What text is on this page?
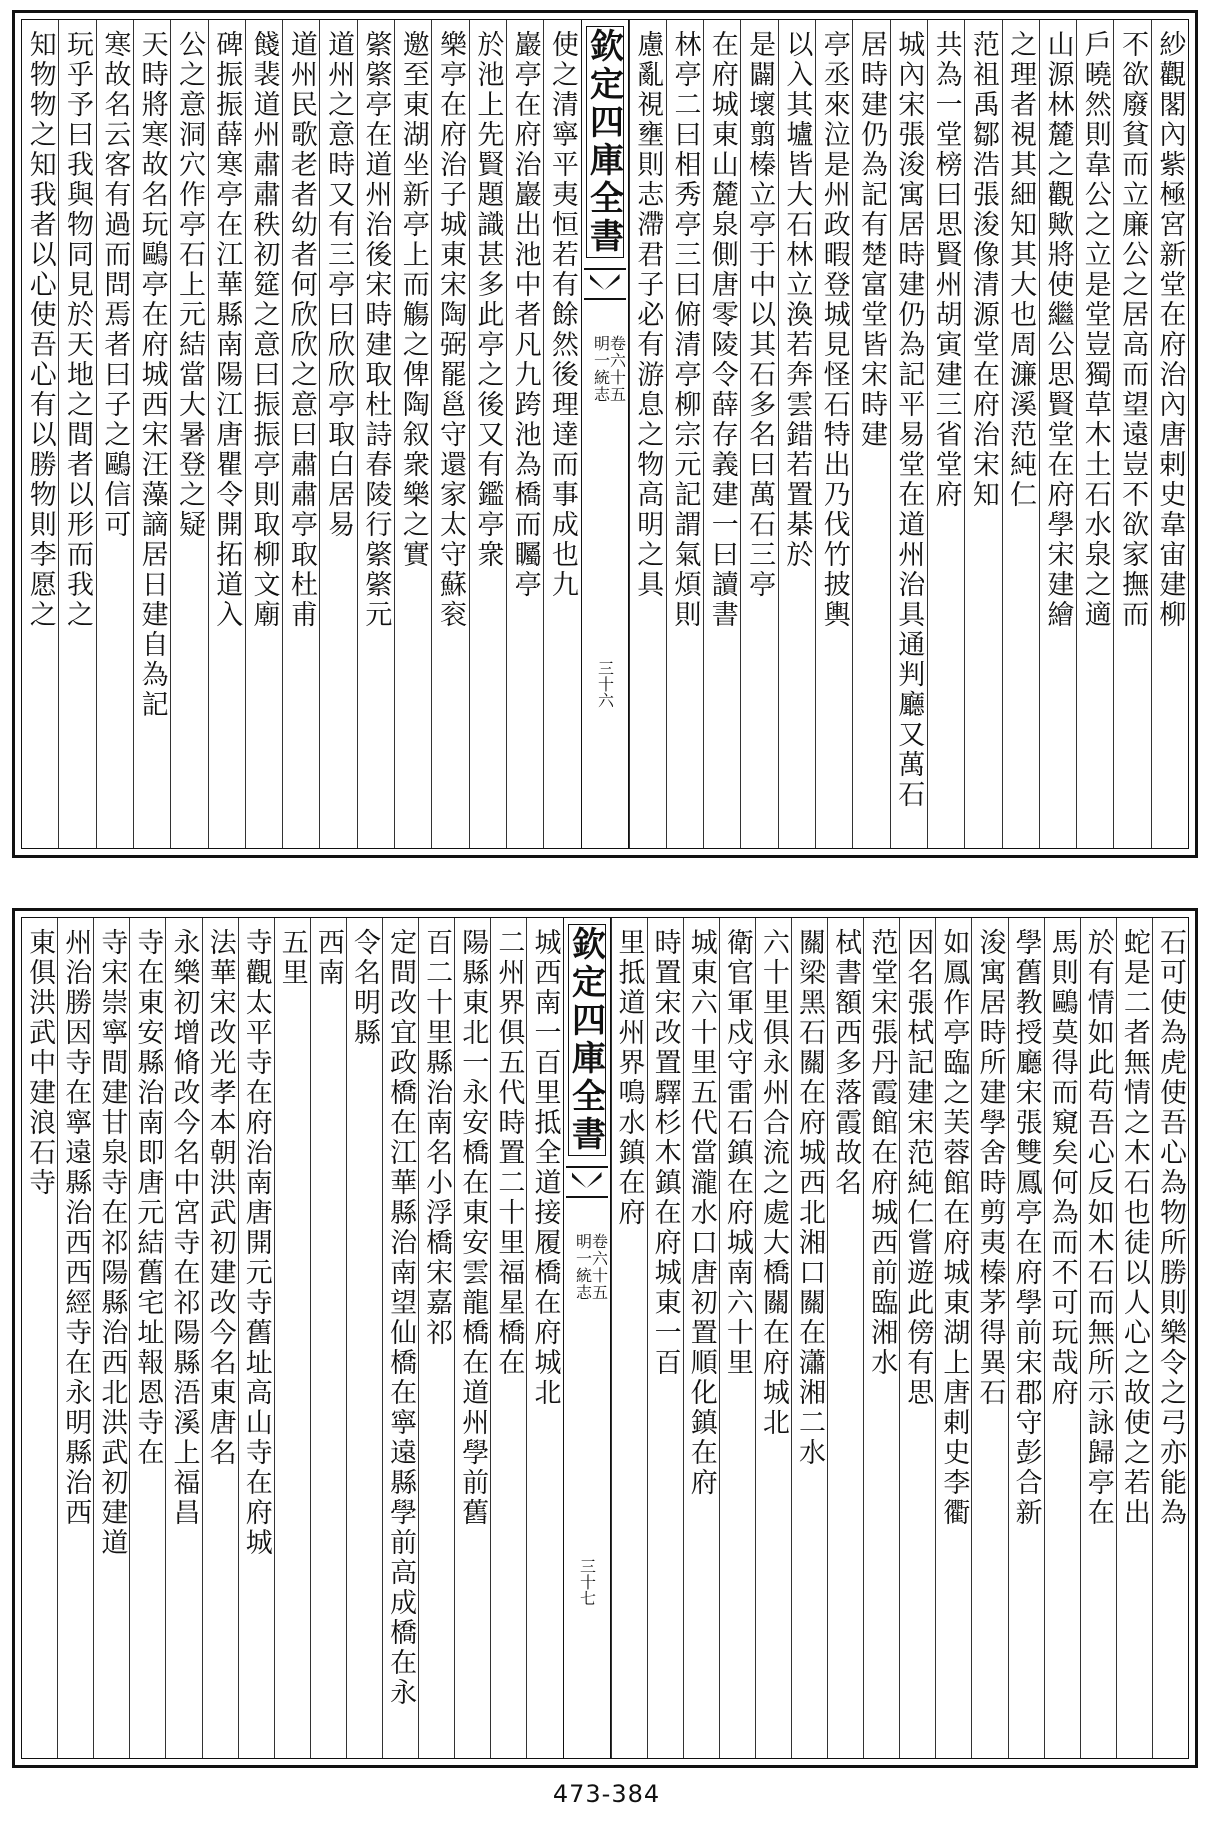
紗觀閣內紫極宮新堂在府治內唐剌史韋宙建柳
不欲廢貧而立廉公之居高而望遠豈不欲家撫而
戶曉然則韋公之立是堂豈獨草木土石水泉之適
山源林麓之觀歟將使繼公思賢堂在府學宋建繪
之理者視其細知其大也周濂溪范純仁
范祖禹鄒浩張浚像清源堂在府治宋知
共為一堂榜曰思賢州胡寅建三省堂府
城內宋張浚寓居時建仍為記平易堂在道州治具通判廳又萬石
居時建仍為記有楚富堂皆宋時建
亭丞來泣是州政暇登城見怪石特出乃伐竹披輿
以入其壚皆大石林立渙若奔雲錯若置棊於
是闢壞翦榛立亭于中以其石多名曰萬石三亭
在府城東山麓泉側唐零陵令薛存義建一曰讀書
林亭二曰相秀亭三曰俯清亭柳宗元記謂氣煩則
慮亂視壅則志滯君子必有游息之物高明之具
欽定四庫全書
明一統志
卷六十五
三十六
使之清寧平夷恒若有餘然後理達而事成也九
巖亭在府治巖出池中者凡九跨池為橋而矚亭
於池上先賢題識甚多此亭之後又有鑑亭衆
樂亭在府治子城東宋陶弼罷邕守還家太守蘇衮
邀至東湖坐新亭上而觴之俾陶叙衆樂之實
綮綮亭在道州治後宋時建取杜詩春陵行綮綮元
道州之意時又有三亭曰欣欣亭取白居易
道州民歌老者幼者何欣欣之意曰肅肅亭取杜甫
餞裴道州肅肅秩初筵之意曰振振亭則取柳文廟
碑振振薛寒亭在江華縣南陽江唐瞿令開拓道入
公之意洞穴作亭石上元結當大暑登之疑
天時將寒故名玩鷗亭在府城西宋汪藻謫居日建自為記
寒故名云客有過而問焉者曰子之鷗信可
玩乎予曰我與物同見於天地之間者以形而我之
知物物之知我者以心使吾心有以勝物則李愿之
石可使為虎使吾心為物所勝則樂令之弓亦能為
蛇是二者無情之木石也徒以人心之故使之若出
於有情如此苟吾心反如木石而無所示詠歸亭在
馬則鷗莫得而窺矣何為而不可玩哉府
學舊教授廳宋張雙鳳亭在府學前宋郡守彭合新
浚寓居時所建學舍時剪夷榛茅得異石
如鳳作亭臨之芙蓉館在府城東湖上唐剌史李衢
因名張栻記建宋范純仁嘗遊此傍有思
范堂宋張丹霞館在府城西前臨湘水
栻書額西多落霞故名
關梁黑石關在府城西北湘口關在瀟湘二水
六十里俱永州合流之處大橋關在府城北
衛官軍戍守雷石鎮在府城南六十里
城東六十里五代當瀧水口唐初置順化鎮在府
時置宋改置驛杉木鎮在府城東一百
里抵道州界鳴水鎮在府
欽定四庫全書
明一統志
卷六十五
三十七
城西南一百里抵全道接履橋在府城北
二州界俱五代時置二十里福星橋在
陽縣東北一永安橋在東安雲龍橋在道州學前舊
百二十里縣治南名小浮橋宋嘉祁
定間改宜政橋在江華縣治南望仙橋在寧遠縣學前高成橋在永
令名明縣
西南
五里
寺觀太平寺在府治南唐開元寺舊址高山寺在府城
法華宋改光孝本朝洪武初建改今名東唐名
永樂初增脩改今名中宮寺在祁陽縣浯溪上福昌
寺在東安縣治南即唐元結舊宅址報恩寺在
寺宋崇寧間建甘泉寺在祁陽縣治西北洪武初建道
州治勝因寺在寧遠縣治西西經寺在永明縣治西
東俱洪武中建浪石寺
473-384
